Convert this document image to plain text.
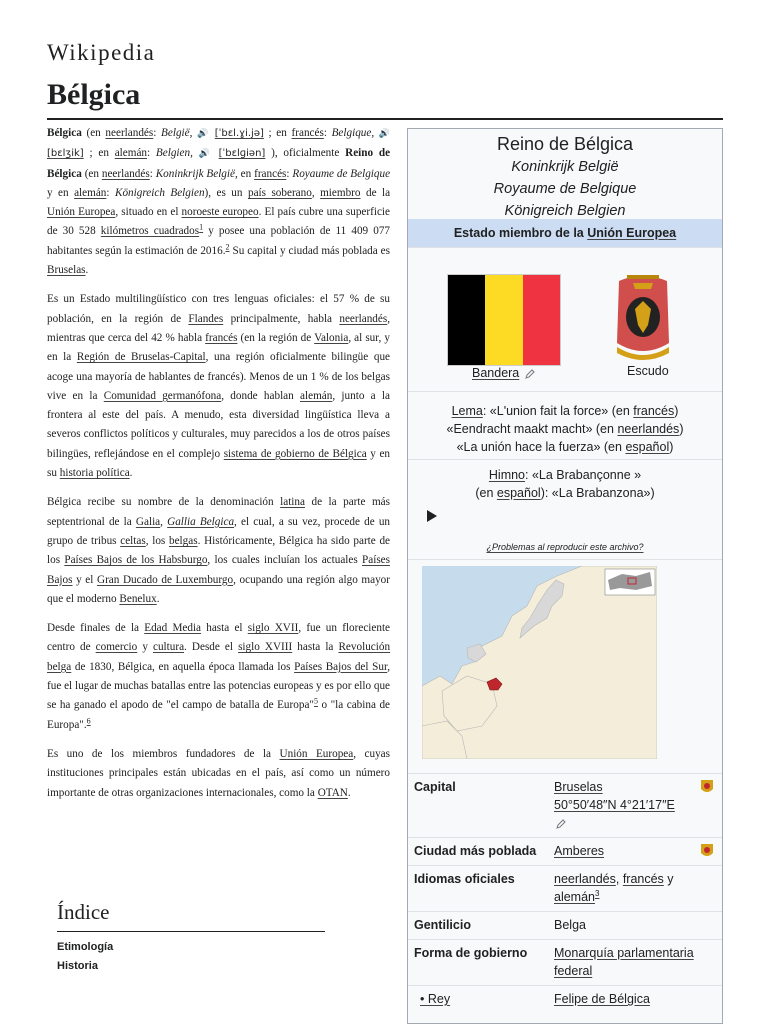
Wikipedia
Bélgica

Bélgica (en neerlandés: België, 🔊 [ˈbɛl.ɣi.jə] ; en francés: Belgique, 🔊 [bɛlʒik] ; en alemán: Belgien, 🔊 [ˈbɛlɡiən] ), oficialmente Reino de Bélgica (en neerlandés: Koninkrijk België, en francés: Royaume de Belgique y en alemán: Königreich Belgien), es un país soberano, miembro de la Unión Europea, situado en el noroeste europeo. El país cubre una superficie de 30 528 kilómetros cuadrados$^1$ y posee una población de 11 409 077 habitantes según la estimación de 2016.$^2$ Su capital y ciudad más poblada es Bruselas.

Es un Estado multilingüístico con tres lenguas oficiales: el 57 % de su población, en la región de Flandes principalmente, habla neerlandés, mientras que cerca del 42 % habla francés (en la región de Valonia, al sur, y en la Región de Bruselas-Capital, una región oficialmente bilingüe que acoge una mayoría de hablantes de francés). Menos de un 1 % de los belgas vive en la Comunidad germanófona, donde hablan alemán, junto a la frontera al este del país. A menudo, esta diversidad lingüística lleva a severos conflictos políticos y culturales, muy parecidos a los de otros países bilingües, reflejándose en el complejo sistema de gobierno de Bélgica y en su historia política.

Bélgica recibe su nombre de la denominación latina de la parte más septentrional de la Galia, Gallia Belgica, el cual, a su vez, procede de un grupo de tribus celtas, los belgas. Históricamente, Bélgica ha sido parte de los Países Bajos de los Habsburgo, los cuales incluían los actuales Países Bajos y el Gran Ducado de Luxemburgo, ocupando una región algo mayor que el moderno Benelux.

Desde finales de la Edad Media hasta el siglo XVII, fue un floreciente centro de comercio y cultura. Desde el siglo XVIII hasta la Revolución belga de 1830, Bélgica, en aquella época llamada los Países Bajos del Sur, fue el lugar de muchas batallas entre las potencias europeas y es por ello que se ha ganado el apodo de "el campo de batalla de Europa"$^5$ o "la cabina de Europa".$^6$

Es uno de los miembros fundadores de la Unión Europea, cuyas instituciones principales están ubicadas en el país, así como un número importante de otras organizaciones internacionales, como la OTAN.

Índice
Etimología
Historia
Reino de Bélgica
Koninkrijk België
Royaume de Belgique
Königreich Belgien
Estado miembro de la Unión Europea
Bandera	Escudo
Lema: «L'union fait la force» (en francés)
«Eendracht maakt macht» (en neerlandés)
«La unión hace la fuerza» (en español)
Himno: «La Brabançonne »
(en español): «La Brabanzona»)
¿Problemas al reproducir este archivo?
Capital	Bruselas
50°50′48″N 4°21′17″E

Ciudad más poblada	Amberes
Idiomas oficiales	neerlandés, francés y alemán$^3$
Gentilicio	Belga
Forma de gobierno	Monarquía parlamentaria federal
• Rey	Felipe de Bélgica
